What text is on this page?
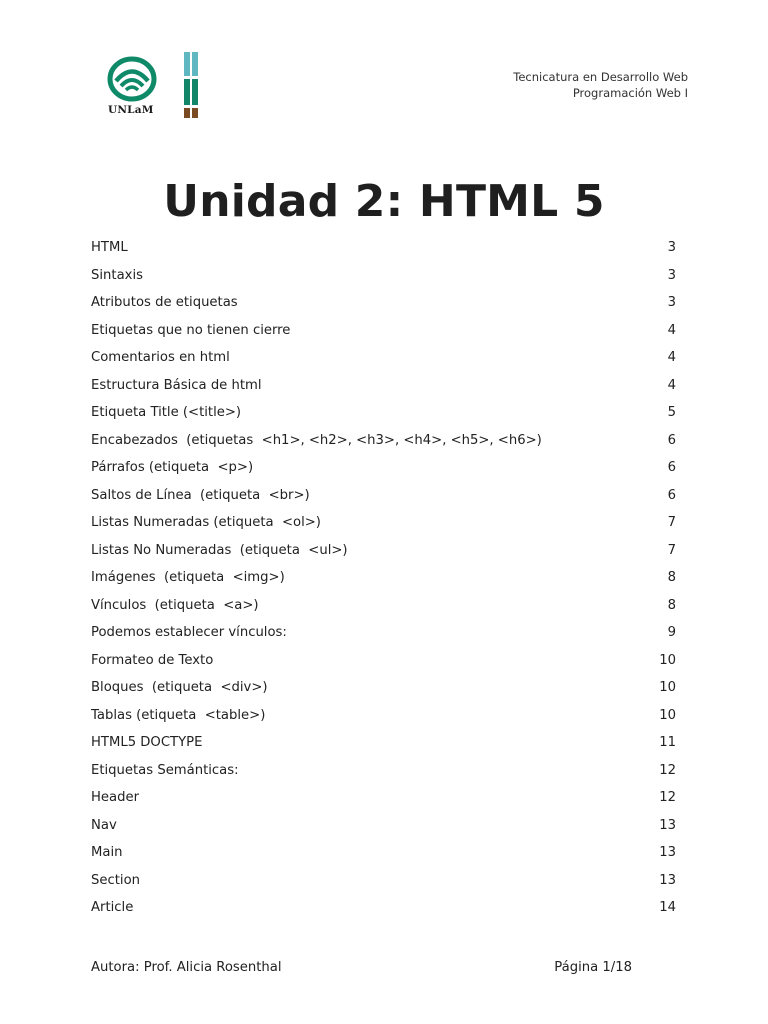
UNLaM
Tecnicatura en Desarrollo Web
Programación Web I
Unidad 2: HTML 5
HTML	3
Sintaxis	3
Atributos de etiquetas	3
Etiquetas que no tienen cierre	4
Comentarios en html	4
Estructura Básica de html	4
Etiqueta Title (<title>)	5
Encabezados  (etiquetas  <h1>, <h2>, <h3>, <h4>, <h5>, <h6>)	6
Párrafos (etiqueta  <p>)	6
Saltos de Línea  (etiqueta  <br>)	6
Listas Numeradas (etiqueta  <ol>)	7
Listas No Numeradas  (etiqueta  <ul>)	7
Imágenes  (etiqueta  <img>)	8
Vínculos  (etiqueta  <a>)	8
Podemos establecer vínculos:	9
Formateo de Texto	10
Bloques  (etiqueta  <div>)	10
Tablas (etiqueta  <table>)	10
HTML5 DOCTYPE	11
Etiquetas Semánticas:	12
Header	12
Nav	13
Main	13
Section	13
Article	14
Autora: Prof. Alicia Rosenthal	Página 1/18
